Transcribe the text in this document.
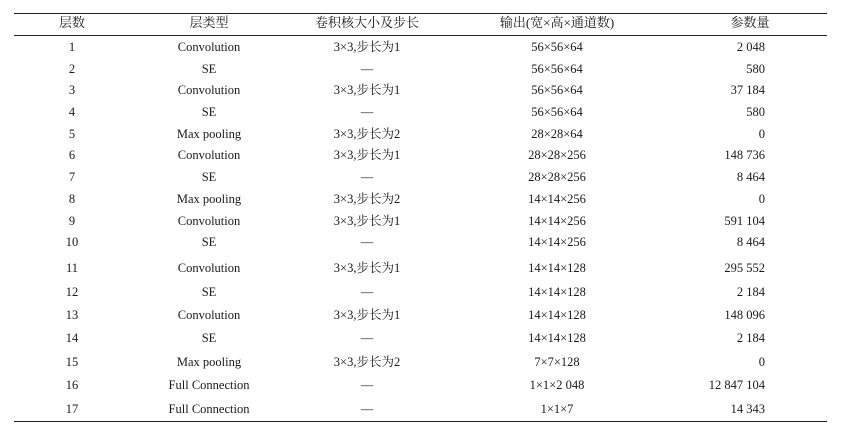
层数	层类型	卷积核大小及步长	输出(宽×高×通道数)	参数量
1	Convolution	3×3,步长为1	56×56×64	2 048
2	SE	—	56×56×64	580
3	Convolution	3×3,步长为1	56×56×64	37 184
4	SE	—	56×56×64	580
5	Max pooling	3×3,步长为2	28×28×64	0
6	Convolution	3×3,步长为1	28×28×256	148 736
7	SE	—	28×28×256	8 464
8	Max pooling	3×3,步长为2	14×14×256	0
9	Convolution	3×3,步长为1	14×14×256	591 104
10	SE	—	14×14×256	8 464
11	Convolution	3×3,步长为1	14×14×128	295 552
12	SE	—	14×14×128	2 184
13	Convolution	3×3,步长为1	14×14×128	148 096
14	SE	—	14×14×128	2 184
15	Max pooling	3×3,步长为2	7×7×128	0
16	Full Connection	—	1×1×2 048	12 847 104
17	Full Connection	—	1×1×7	14 343
